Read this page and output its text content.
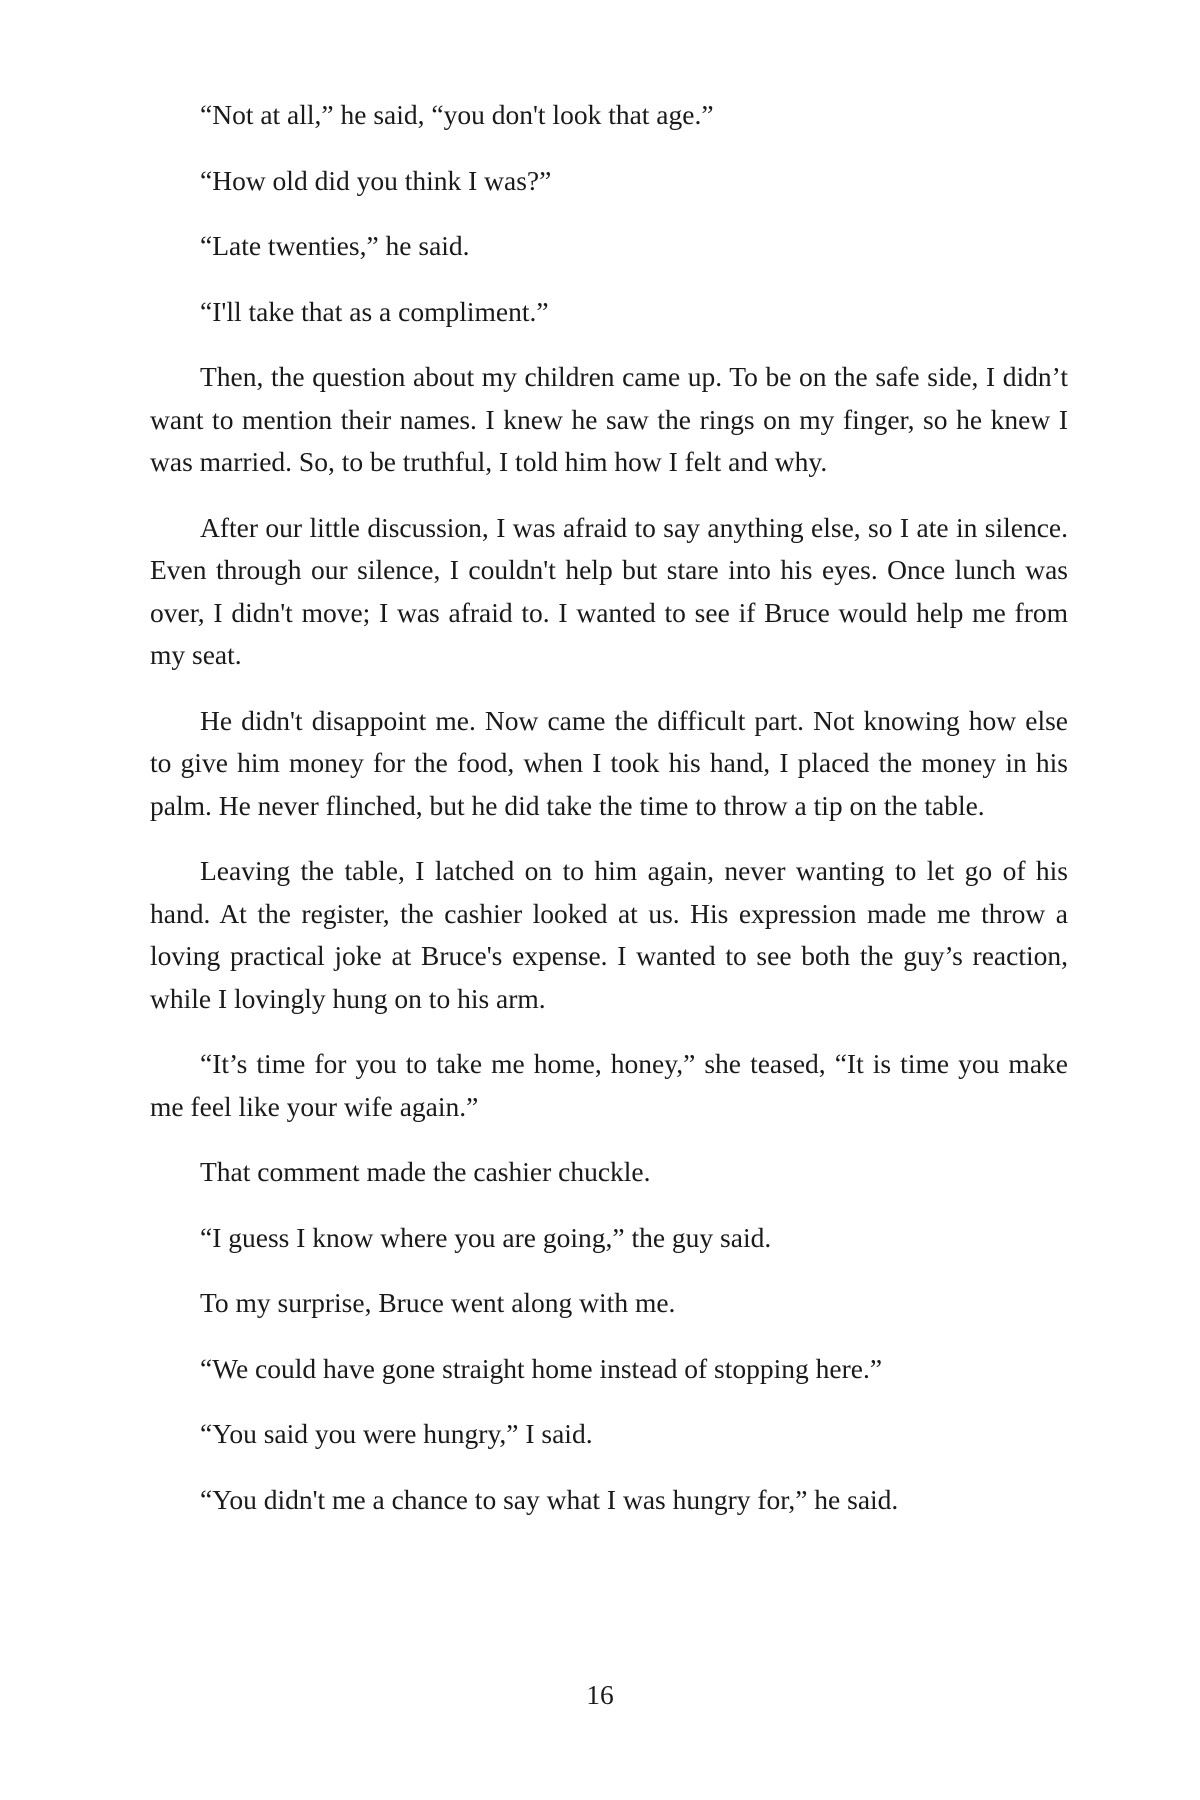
“Not at all,” he said, “you don't look that age.”

“How old did you think I was?”

“Late twenties,” he said.

“I'll take that as a compliment.”

Then, the question about my children came up. To be on the safe side, I didn’t want to mention their names. I knew he saw the rings on my finger, so he knew I was married. So, to be truthful, I told him how I felt and why.

After our little discussion, I was afraid to say anything else, so I ate in silence. Even through our silence, I couldn't help but stare into his eyes. Once lunch was over, I didn't move; I was afraid to. I wanted to see if Bruce would help me from my seat.

He didn't disappoint me. Now came the difficult part. Not knowing how else to give him money for the food, when I took his hand, I placed the money in his palm. He never flinched, but he did take the time to throw a tip on the table.

Leaving the table, I latched on to him again, never wanting to let go of his hand. At the register, the cashier looked at us. His expression made me throw a loving practical joke at Bruce's expense. I wanted to see both the guy’s reaction, while I lovingly hung on to his arm.

“It’s time for you to take me home, honey,” she teased, “It is time you make me feel like your wife again.”

That comment made the cashier chuckle.

“I guess I know where you are going,” the guy said.

To my surprise, Bruce went along with me.

“We could have gone straight home instead of stopping here.”

“You said you were hungry,” I said.

“You didn't me a chance to say what I was hungry for,” he said.

16
